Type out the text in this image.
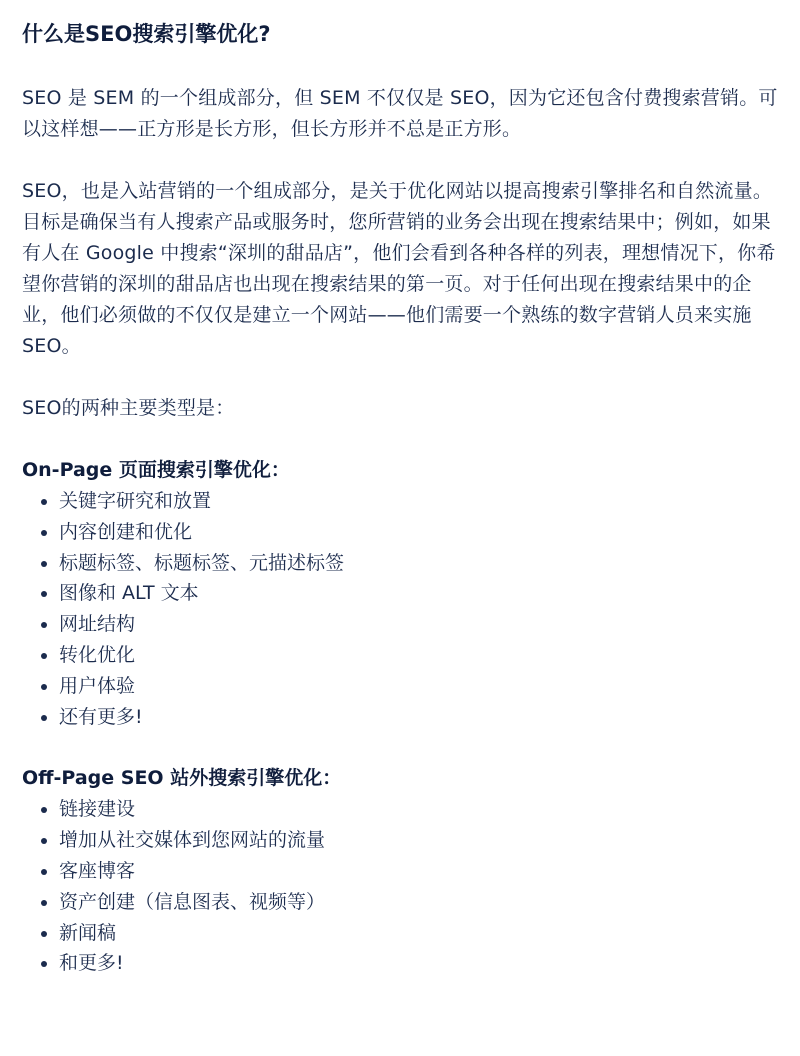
什么是SEO搜索引擎优化?

SEO 是 SEM 的一个组成部分，但 SEM 不仅仅是 SEO，因为它还包含付费搜索营销。可以这样想——正方形是长方形，但长方形并不总是正方形。

SEO，也是入站营销的一个组成部分，是关于优化网站以提高搜索引擎排名和自然流量。目标是确保当有人搜索产品或服务时，您所营销的业务会出现在搜索结果中；例如，如果有人在 Google 中搜索“深圳的甜品店”，他们会看到各种各样的列表，理想情况下，你希望你营销的深圳的甜品店也出现在搜索结果的第一页。对于任何出现在搜索结果中的企业，他们必须做的不仅仅是建立一个网站——他们需要一个熟练的数字营销人员来实施 SEO。

SEO的两种主要类型是：

On-Page 页面搜索引擎优化：
关键字研究和放置
内容创建和优化
标题标签、标题标签、元描述标签
图像和 ALT 文本
网址结构
转化优化
用户体验
还有更多!
Off-Page SEO 站外搜索引擎优化：
链接建设
增加从社交媒体到您网站的流量
客座博客
资产创建（信息图表、视频等）
新闻稿
和更多!
